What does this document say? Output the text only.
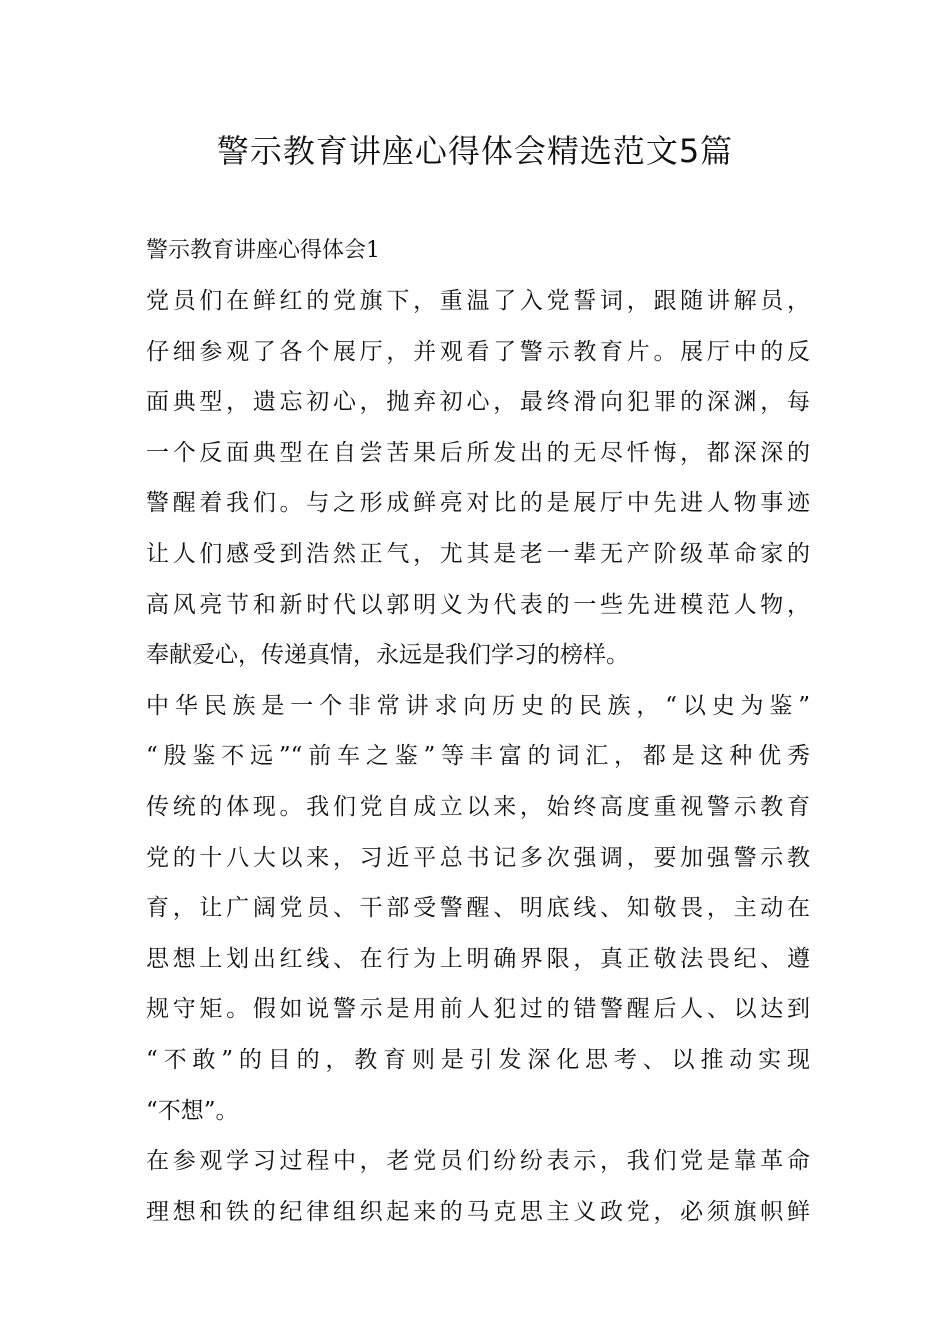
警示教育讲座心得体会精选范文5篇

警示教育讲座心得体会1

党员们在鲜红的党旗下，重温了入党誓词，跟随讲解员，
仔细参观了各个展厅，并观看了警示教育片。展厅中的反
面典型，遗忘初心，抛弃初心，最终滑向犯罪的深渊，每
一个反面典型在自尝苦果后所发出的无尽忏悔，都深深的
警醒着我们。与之形成鲜亮对比的是展厅中先进人物事迹
让人们感受到浩然正气，尤其是老一辈无产阶级革命家的
高风亮节和新时代以郭明义为代表的一些先进模范人物，
奉献爱心，传递真情，永远是我们学习的榜样。
中华民族是一个非常讲求向历史的民族，“以史为鉴”
“殷鉴不远”“前车之鉴”等丰富的词汇，都是这种优秀
传统的体现。我们党自成立以来，始终高度重视警示教育
党的十八大以来，习近平总书记多次强调，要加强警示教
育，让广阔党员、干部受警醒、明底线、知敬畏，主动在
思想上划出红线、在行为上明确界限，真正敬法畏纪、遵
规守矩。假如说警示是用前人犯过的错警醒后人、以达到
“不敢”的目的，教育则是引发深化思考、以推动实现
“不想”。
在参观学习过程中，老党员们纷纷表示，我们党是靠革命
理想和铁的纪律组织起来的马克思主义政党，必须旗帜鲜
